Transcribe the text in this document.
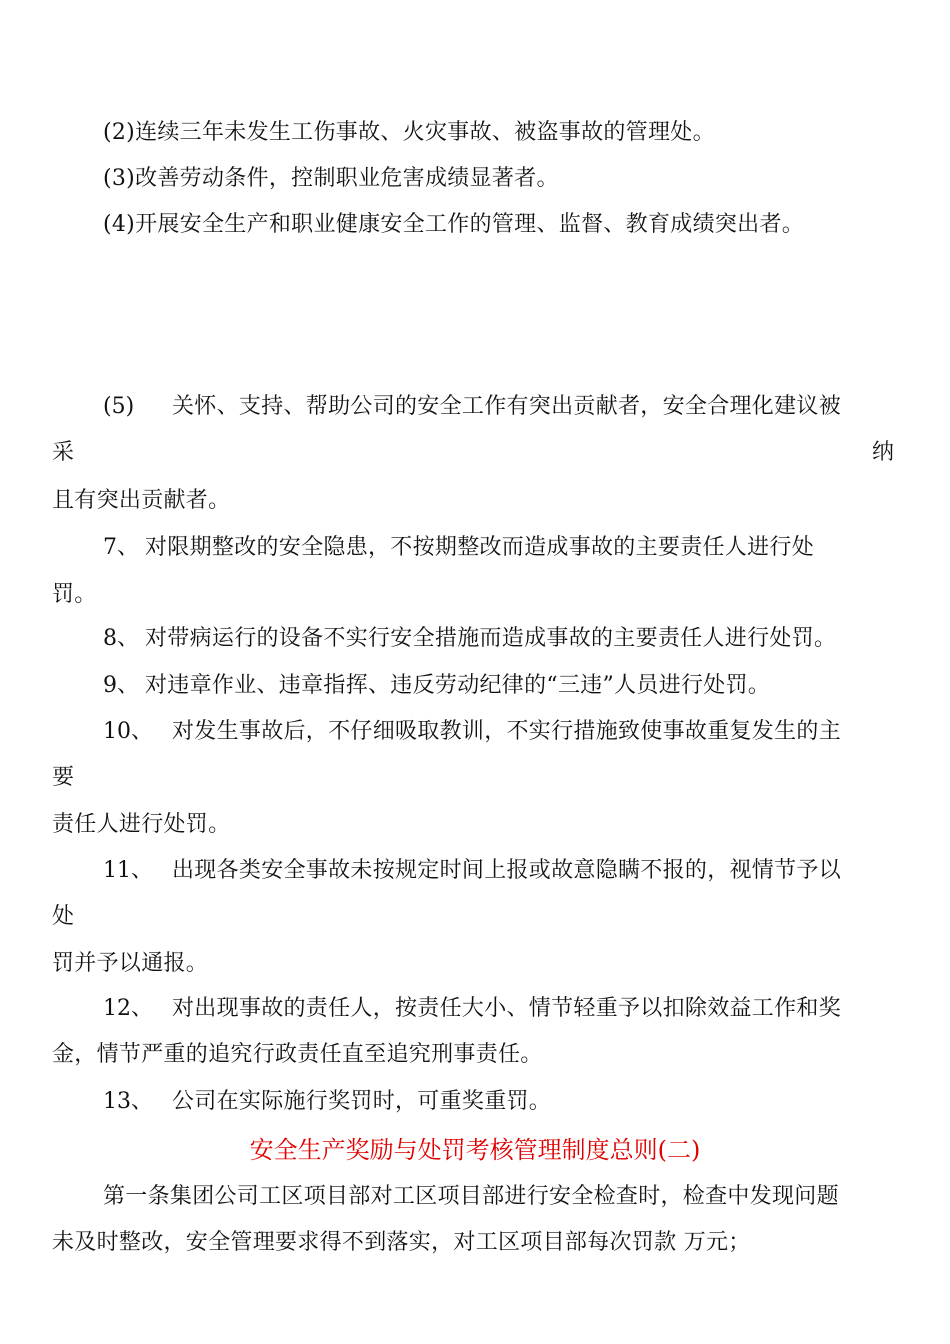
(2)连续三年未发生工伤事故、火灾事故、被盗事故的管理处。
(3)改善劳动条件，控制职业危害成绩显著者。
(4)开展安全生产和职业健康安全工作的管理、监督、教育成绩突出者。
(5) 关怀、支持、帮助公司的安全工作有突出贡献者，安全合理化建议被
采	纳
且有突出贡献者。
7、 对限期整改的安全隐患，不按期整改而造成事故的主要责任人进行处
罚。
8、 对带病运行的设备不实行安全措施而造成事故的主要责任人进行处罚。
9、 对违章作业、违章指挥、违反劳动纪律的“三违”人员进行处罚。
10、 对发生事故后，不仔细吸取教训，不实行措施致使事故重复发生的主
要
责任人进行处罚。
11、 出现各类安全事故未按规定时间上报或故意隐瞒不报的，视情节予以
处
罚并予以通报。
12、 对出现事故的责任人，按责任大小、情节轻重予以扣除效益工作和奖
金，情节严重的追究行政责任直至追究刑事责任。
13、 公司在实际施行奖罚时，可重奖重罚。
安全生产奖励与处罚考核管理制度总则(二)
第一条集团公司工区项目部对工区项目部进行安全检查时，检查中发现问题
未及时整改，安全管理要求得不到落实，对工区项目部每次罚款 万元；
